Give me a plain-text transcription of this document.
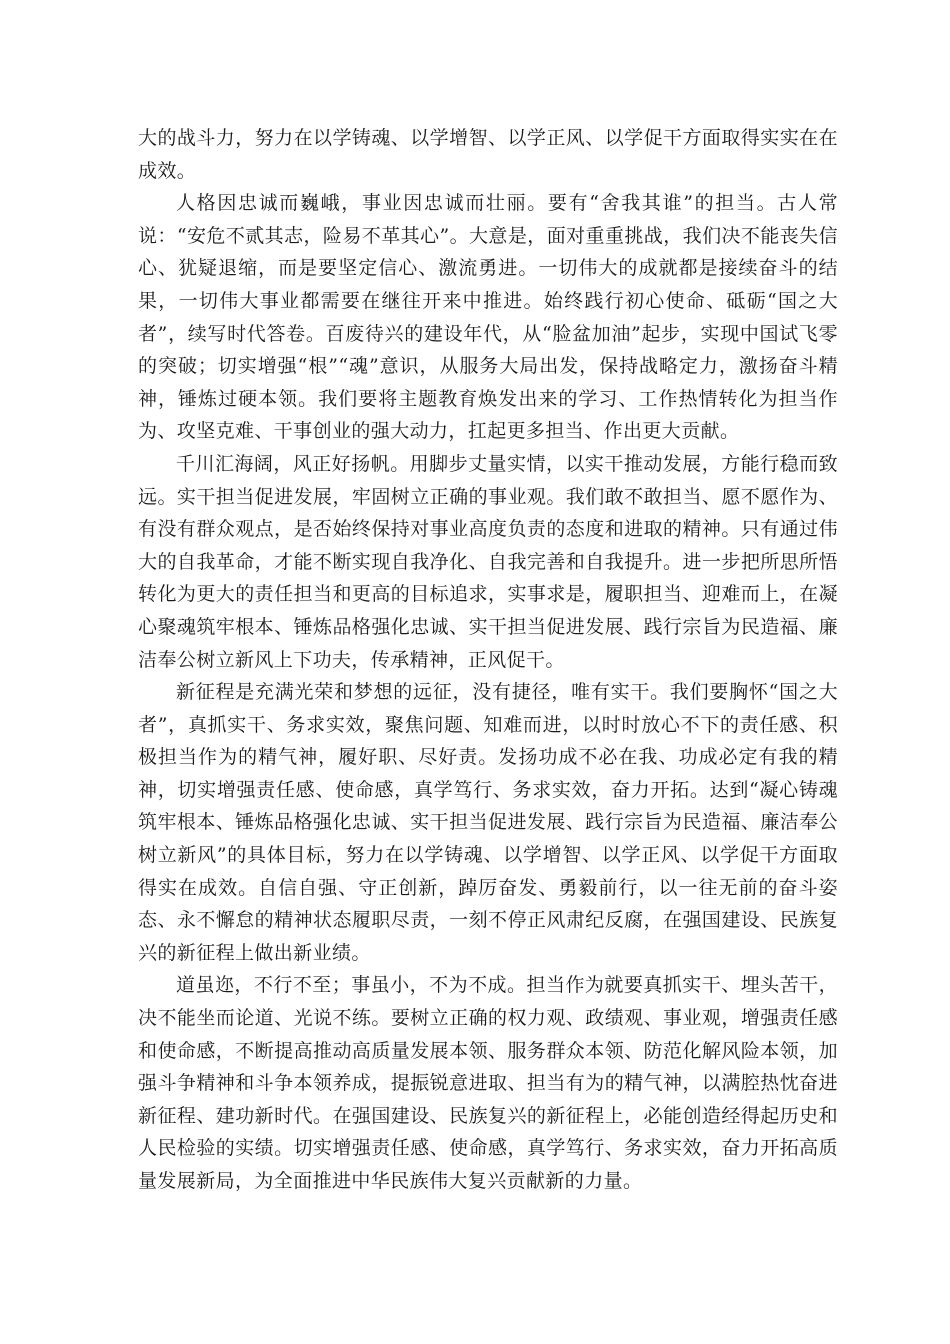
大的战斗力，努力在以学铸魂、以学增智、以学正风、以学促干方面取得实实在在成效。

人格因忠诚而巍峨，事业因忠诚而壮丽。要有“舍我其谁”的担当。古人常说：“安危不贰其志，险易不革其心”。大意是，面对重重挑战，我们决不能丧失信心、犹疑退缩，而是要坚定信心、激流勇进。一切伟大的成就都是接续奋斗的结果，一切伟大事业都需要在继往开来中推进。始终践行初心使命、砥砺“国之大者”，续写时代答卷。百废待兴的建设年代，从“脸盆加油”起步，实现中国试飞零的突破；切实增强“根”“魂”意识，从服务大局出发，保持战略定力，激扬奋斗精神，锤炼过硬本领。我们要将主题教育焕发出来的学习、工作热情转化为担当作为、攻坚克难、干事创业的强大动力，扛起更多担当、作出更大贡献。

千川汇海阔，风正好扬帆。用脚步丈量实情，以实干推动发展，方能行稳而致远。实干担当促进发展，牢固树立正确的事业观。我们敢不敢担当、愿不愿作为、有没有群众观点，是否始终保持对事业高度负责的态度和进取的精神。只有通过伟大的自我革命，才能不断实现自我净化、自我完善和自我提升。进一步把所思所悟转化为更大的责任担当和更高的目标追求，实事求是，履职担当、迎难而上，在凝心聚魂筑牢根本、锤炼品格强化忠诚、实干担当促进发展、践行宗旨为民造福、廉洁奉公树立新风上下功夫，传承精神，正风促干。

新征程是充满光荣和梦想的远征，没有捷径，唯有实干。我们要胸怀“国之大者”，真抓实干、务求实效，聚焦问题、知难而进，以时时放心不下的责任感、积极担当作为的精气神，履好职、尽好责。发扬功成不必在我、功成必定有我的精神，切实增强责任感、使命感，真学笃行、务求实效，奋力开拓。达到“凝心铸魂筑牢根本、锤炼品格强化忠诚、实干担当促进发展、践行宗旨为民造福、廉洁奉公树立新风”的具体目标，努力在以学铸魂、以学增智、以学正风、以学促干方面取得实在成效。自信自强、守正创新，踔厉奋发、勇毅前行，以一往无前的奋斗姿态、永不懈怠的精神状态履职尽责，一刻不停正风肃纪反腐，在强国建设、民族复兴的新征程上做出新业绩。

道虽迩，不行不至；事虽小，不为不成。担当作为就要真抓实干、埋头苦干，决不能坐而论道、光说不练。要树立正确的权力观、政绩观、事业观，增强责任感和使命感，不断提高推动高质量发展本领、服务群众本领、防范化解风险本领，加强斗争精神和斗争本领养成，提振锐意进取、担当有为的精气神，以满腔热忱奋进新征程、建功新时代。在强国建设、民族复兴的新征程上，必能创造经得起历史和人民检验的实绩。切实增强责任感、使命感，真学笃行、务求实效，奋力开拓高质量发展新局，为全面推进中华民族伟大复兴贡献新的力量。
